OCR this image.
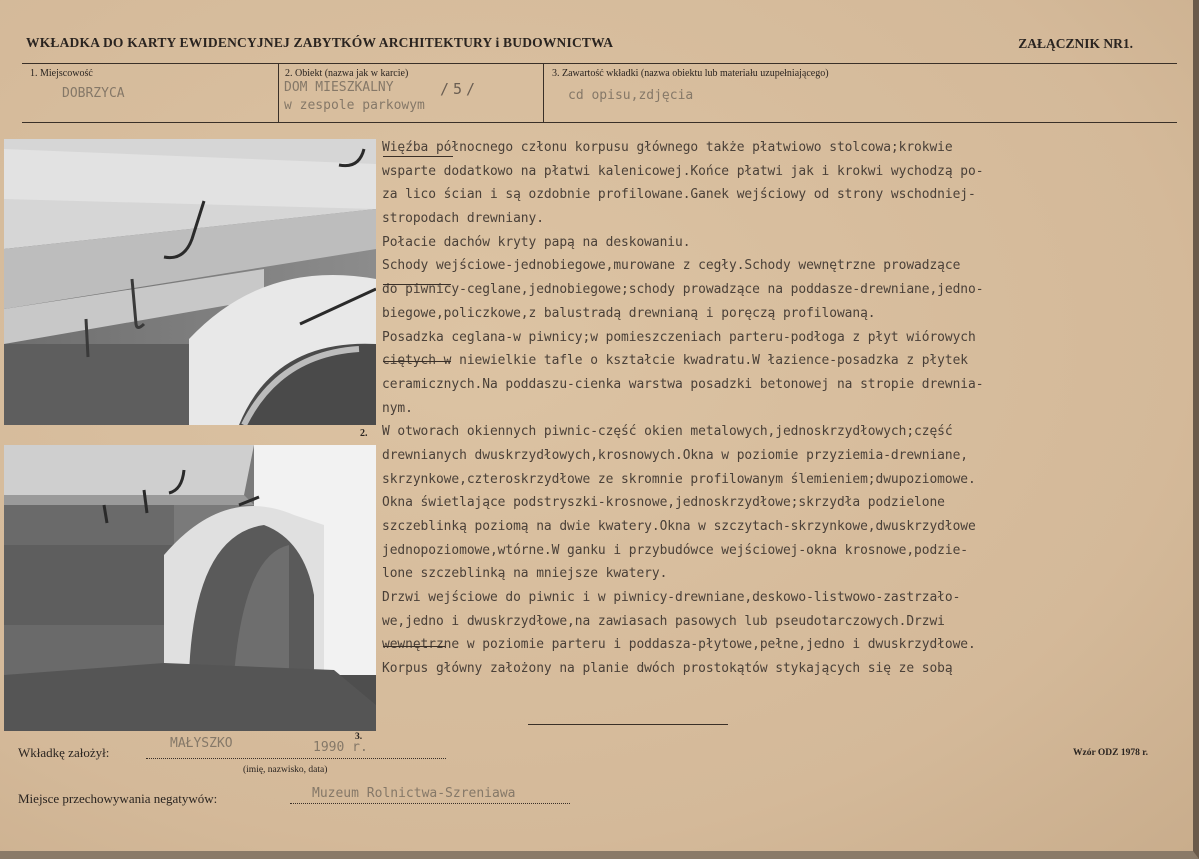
WKŁADKA DO KARTY EWIDENCYJNEJ ZABYTKÓW ARCHITEKTURY i BUDOWNICTWA	ZAŁĄCZNIK NR1.
1. Miejscowość
DOBRZYCA
2. Obiekt (nazwa jak w karcie)
DOM MIESZKALNY
w zespole parkowym
/5/
3. Zawartość wkładki (nazwa obiektu lub materiału uzupełniającego)
cd opisu,zdjęcia
2.
Więźba północnego członu korpusu głównego także płatwiowo stolcowa;krokwie
wsparte dodatkowo na płatwi kalenicowej.Końce płatwi jak i krokwi wychodzą po-
za lico ścian i są ozdobnie profilowane.Ganek wejściowy od strony wschodniej-
stropodach drewniany.
Połacie dachów kryty papą na deskowaniu.
Schody wejściowe-jednobiegowe,murowane z cegły.Schody wewnętrzne prowadzące
do piwnicy-ceglane,jednobiegowe;schody prowadzące na poddasze-drewniane,jedno-
biegowe,policzkowe,z balustradą drewnianą i poręczą profilowaną.
Posadzka ceglana-w piwnicy;w pomieszczeniach parteru-podłoga z płyt wiórowych
ciętych w niewielkie tafle o kształcie kwadratu.W łazience-posadzka z płytek
ceramicznych.Na poddaszu-cienka warstwa posadzki betonowej na stropie drewnia-
nym.
W otworach okiennych piwnic-część okien metalowych,jednoskrzydłowych;część
drewnianych dwuskrzydłowych,krosnowych.Okna w poziomie przyziemia-drewniane,
skrzynkowe,czteroskrzydłowe ze skromnie profilowanym ślemieniem;dwupoziomowe.
Okna świetlające podstryszki-krosnowe,jednoskrzydłowe;skrzydła podzielone
szczeblinką poziomą na dwie kwatery.Okna w szczytach-skrzynkowe,dwuskrzydłowe
jednopoziomowe,wtórne.W ganku i przybudówce wejściowej-okna krosnowe,podzie-
lone szczeblinką na mniejsze kwatery.
Drzwi wejściowe do piwnic i w piwnicy-drewniane,deskowo-listwowo-zastrzało-
we,jedno i dwuskrzydłowe,na zawiasach pasowych lub pseudotarczowych.Drzwi
wewnętrzne w poziomie parteru i poddasza-płytowe,pełne,jedno i dwuskrzydłowe.
Korpus główny założony na planie dwóch prostokątów stykających się ze sobą
Wkładkę założył:
MAŁYSZKO	1990 r.
3.
(imię, nazwisko, data)
Wzór ODZ 1978 r.
Miejsce przechowywania negatywów:	Muzeum Rolnictwa-Szreniawa
